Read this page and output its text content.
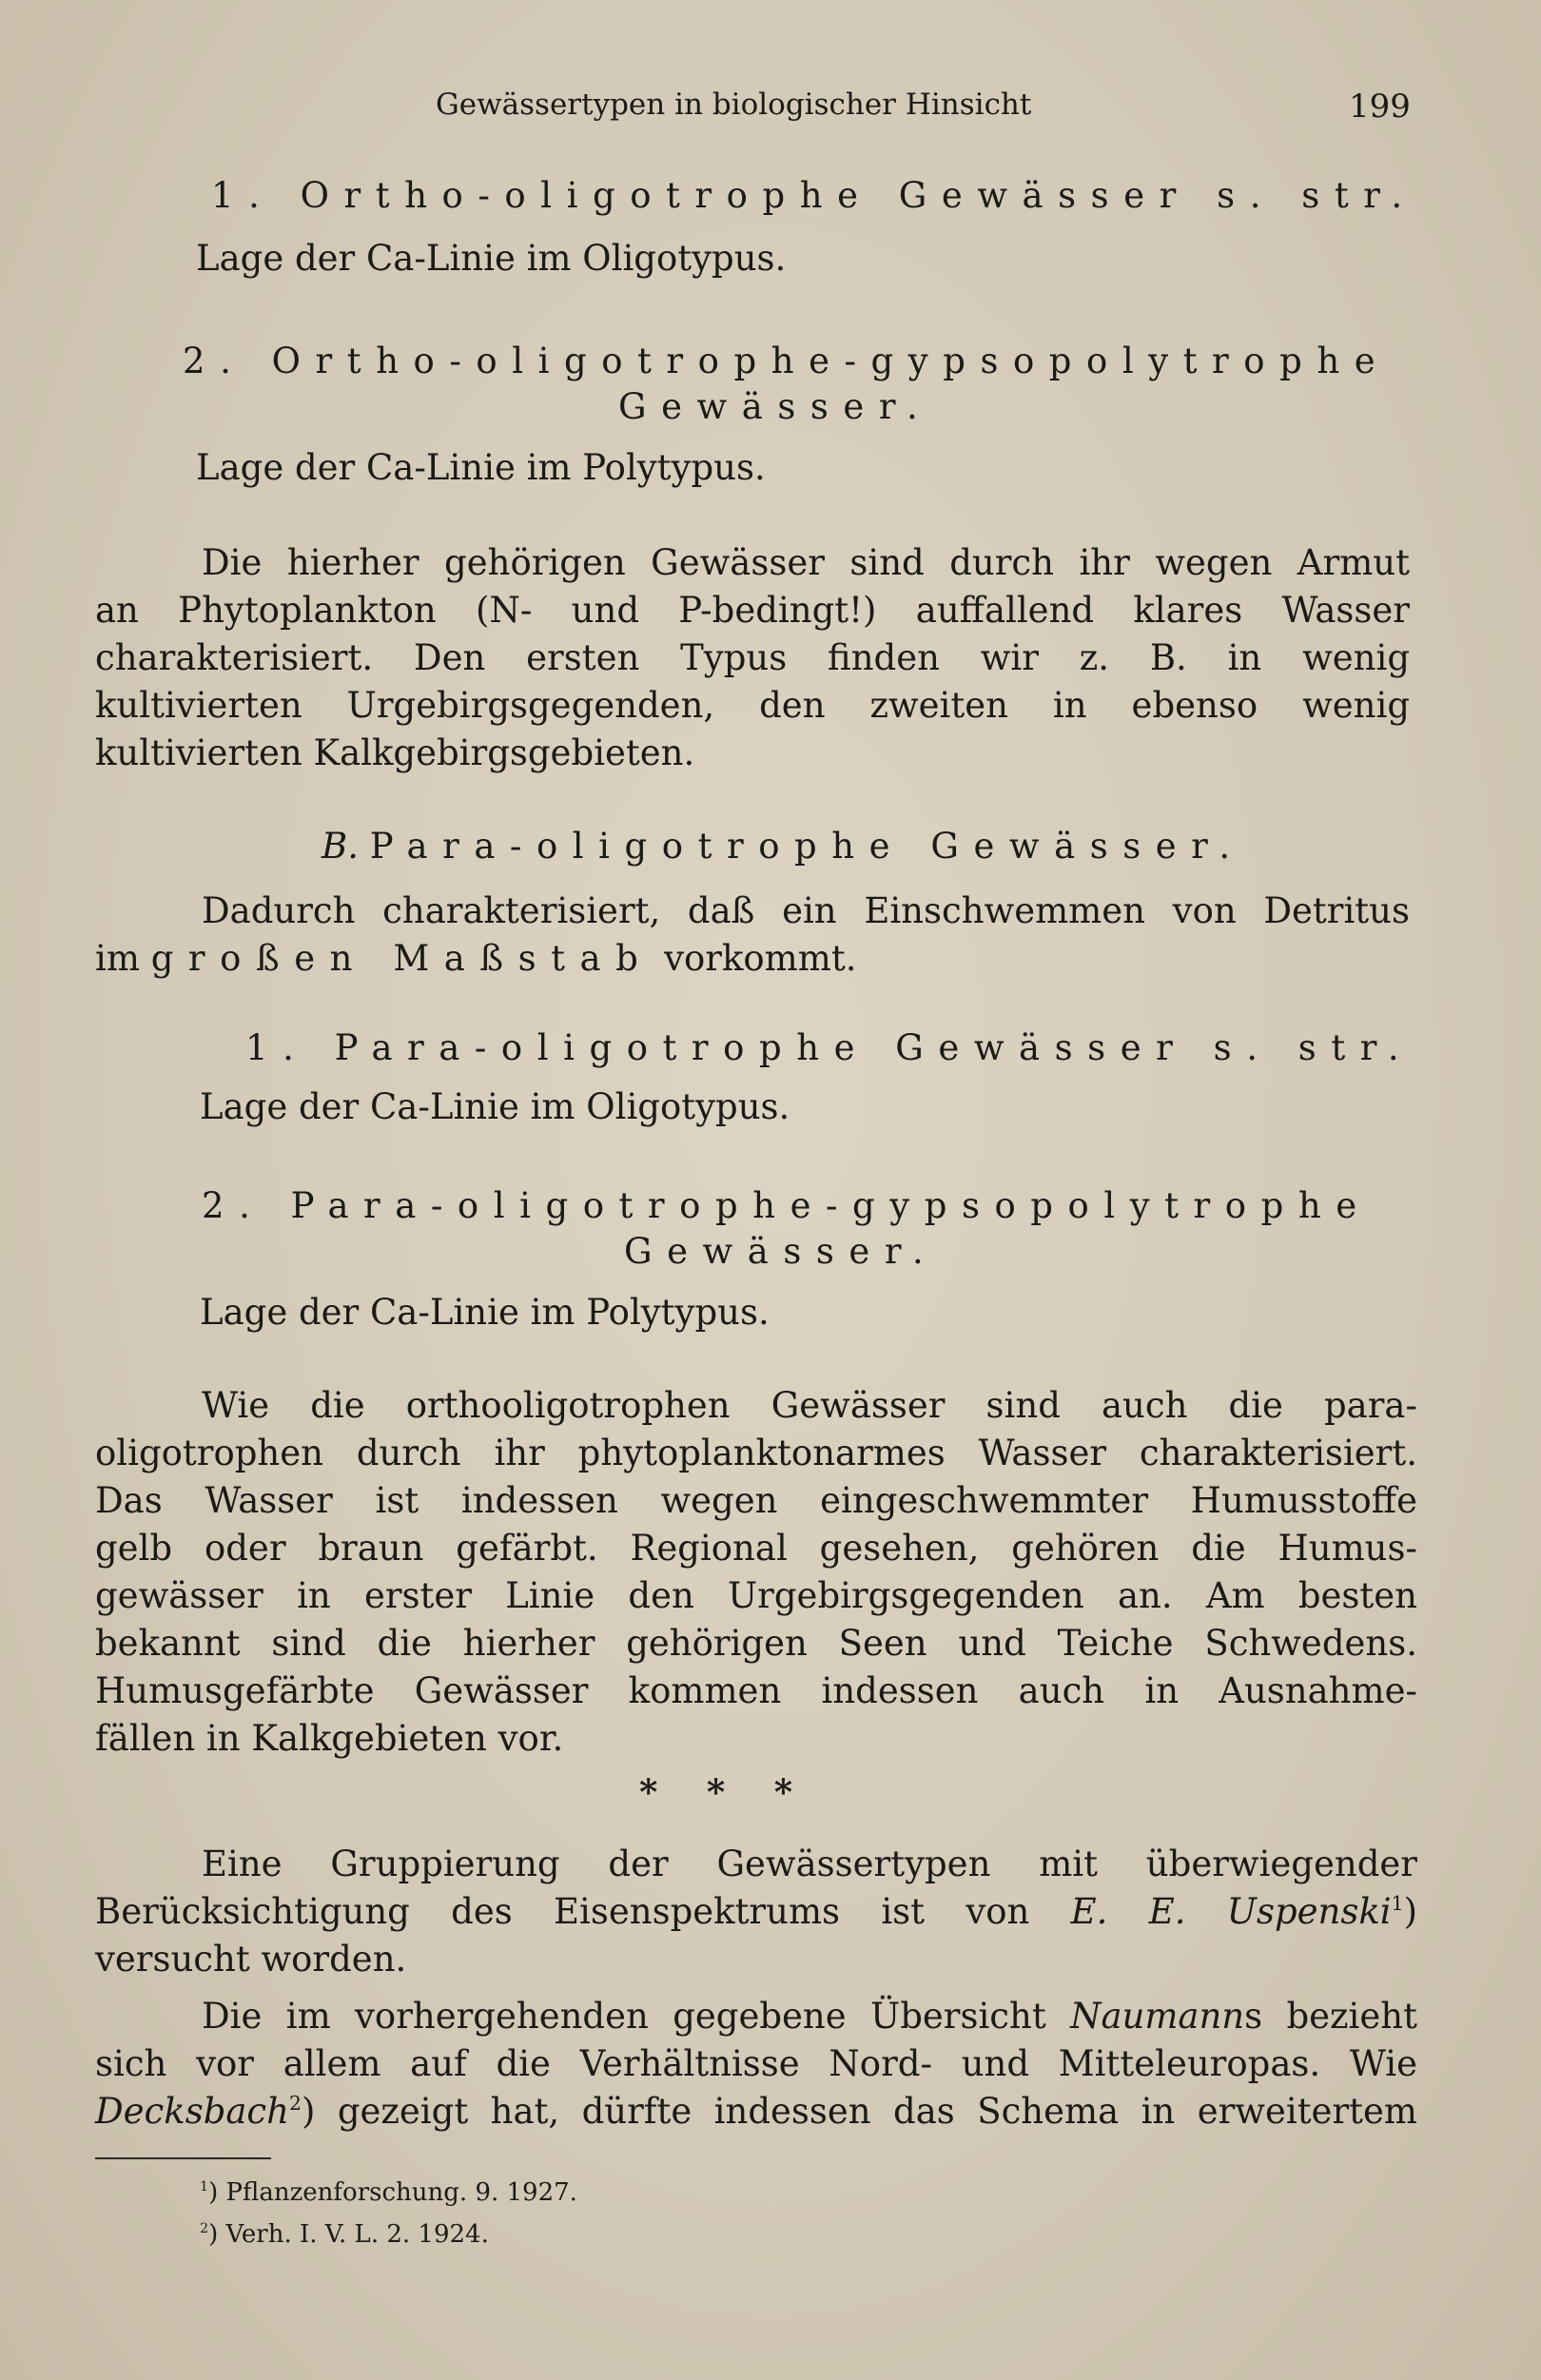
Gewässertypen in biologischer Hinsicht	199
1. Ortho-oligotrophe Gewässer s. str.
Lage der Ca-Linie im Oligotypus.
2. Ortho-oligotrophe-gypsopolytrophe
Gewässer.
Lage der Ca-Linie im Polytypus.
Die hierher gehörigen Gewässer sind durch ihr wegen Armut
an Phytoplankton (N- und P-bedingt!) auffallend klares Wasser
charakterisiert. Den ersten Typus finden wir z. B. in wenig
kultivierten Urgebirgsgegenden, den zweiten in ebenso wenig
kultivierten Kalkgebirgsgebieten.
B. Para-oligotrophe Gewässer.
Dadurch charakterisiert, daß ein Einschwemmen von Detritus
im großen Maßstab vorkommt.
1. Para-oligotrophe Gewässer s. str.
Lage der Ca-Linie im Oligotypus.
2. Para-oligotrophe-gypsopolytrophe
Gewässer.
Lage der Ca-Linie im Polytypus.
Wie die orthooligotrophen Gewässer sind auch die para-
oligotrophen durch ihr phytoplanktonarmes Wasser charakterisiert.
Das Wasser ist indessen wegen eingeschwemmter Humusstoffe
gelb oder braun gefärbt. Regional gesehen, gehören die Humus-
gewässer in erster Linie den Urgebirgsgegenden an. Am besten
bekannt sind die hierher gehörigen Seen und Teiche Schwedens.
Humusgefärbte Gewässer kommen indessen auch in Ausnahme-
fällen in Kalkgebieten vor.
*    *    *
Eine Gruppierung der Gewässertypen mit überwiegender
Berücksichtigung des Eisenspektrums ist von E. E. Uspenski$^1$)
versucht worden.
Die im vorhergehenden gegebene Übersicht Naumanns bezieht
sich vor allem auf die Verhältnisse Nord- und Mitteleuropas. Wie
Decksbach$^2$) gezeigt hat, dürfte indessen das Schema in erweitertem
$^1$) Pflanzenforschung. 9. 1927.
$^2$) Verh. I. V. L. 2. 1924.
